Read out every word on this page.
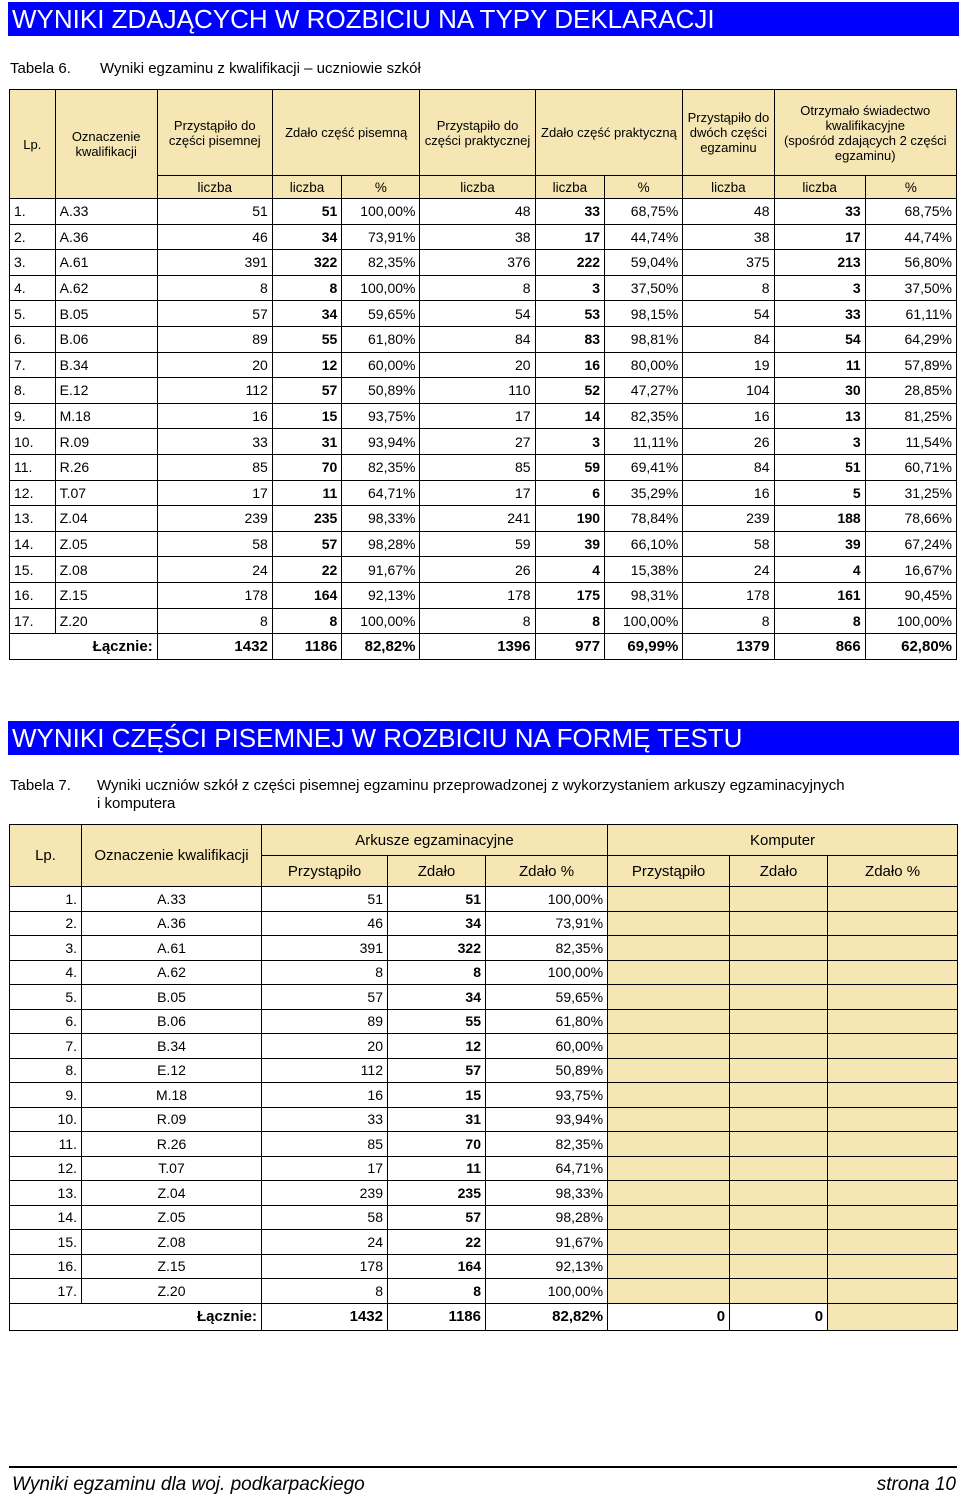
WYNIKI ZDAJĄCYCH W ROZBICIU NA TYPY DEKLARACJI
Tabela 6. Wyniki egzaminu z kwalifikacji – uczniowie szkół
Lp.	Oznaczenie kwalifikacji	Przystąpiło do części pisemnej	Zdało część pisemną		Przystąpiło do części praktycznej	Zdało część praktyczną		Przystąpiło do dwóch części egzaminu	Otrzymało świadectwo kwalifikacyjne
(spośród zdających 2 części egzaminu)	
		liczba	liczba	%	liczba	liczba	%	liczba	liczba	%
1.	A.33	51	51	100,00%	48	33	68,75%	48	33	68,75%
2.	A.36	46	34	73,91%	38	17	44,74%	38	17	44,74%
3.	A.61	391	322	82,35%	376	222	59,04%	375	213	56,80%
4.	A.62	8	8	100,00%	8	3	37,50%	8	3	37,50%
5.	B.05	57	34	59,65%	54	53	98,15%	54	33	61,11%
6.	B.06	89	55	61,80%	84	83	98,81%	84	54	64,29%
7.	B.34	20	12	60,00%	20	16	80,00%	19	11	57,89%
8.	E.12	112	57	50,89%	110	52	47,27%	104	30	28,85%
9.	M.18	16	15	93,75%	17	14	82,35%	16	13	81,25%
10.	R.09	33	31	93,94%	27	3	11,11%	26	3	11,54%
11.	R.26	85	70	82,35%	85	59	69,41%	84	51	60,71%
12.	T.07	17	11	64,71%	17	6	35,29%	16	5	31,25%
13.	Z.04	239	235	98,33%	241	190	78,84%	239	188	78,66%
14.	Z.05	58	57	98,28%	59	39	66,10%	58	39	67,24%
15.	Z.08	24	22	91,67%	26	4	15,38%	24	4	16,67%
16.	Z.15	178	164	92,13%	178	175	98,31%	178	161	90,45%
17.	Z.20	8	8	100,00%	8	8	100,00%	8	8	100,00%
Łącznie:		1432	1186	82,82%	1396	977	69,99%	1379	866	62,80%
WYNIKI CZĘŚCI PISEMNEJ W ROZBICIU NA FORMĘ TESTU
Tabela 7. Wyniki uczniów szkół z części pisemnej egzaminu przeprowadzonej z wykorzystaniem arkuszy egzaminacyjnych
i komputera
Lp.	Oznaczenie kwalifikacji	Arkusze egzaminacyjne			Komputer		
		Przystąpiło	Zdało	Zdało %	Przystąpiło	Zdało	Zdało %
1.	A.33	51	51	100,00%			
2.	A.36	46	34	73,91%			
3.	A.61	391	322	82,35%			
4.	A.62	8	8	100,00%			
5.	B.05	57	34	59,65%			
6.	B.06	89	55	61,80%			
7.	B.34	20	12	60,00%			
8.	E.12	112	57	50,89%			
9.	M.18	16	15	93,75%			
10.	R.09	33	31	93,94%			
11.	R.26	85	70	82,35%			
12.	T.07	17	11	64,71%			
13.	Z.04	239	235	98,33%			
14.	Z.05	58	57	98,28%			
15.	Z.08	24	22	91,67%			
16.	Z.15	178	164	92,13%			
17.	Z.20	8	8	100,00%			
Łącznie:		1432	1186	82,82%	0	0	
Wyniki egzaminu dla woj. podkarpackiego	strona 10
